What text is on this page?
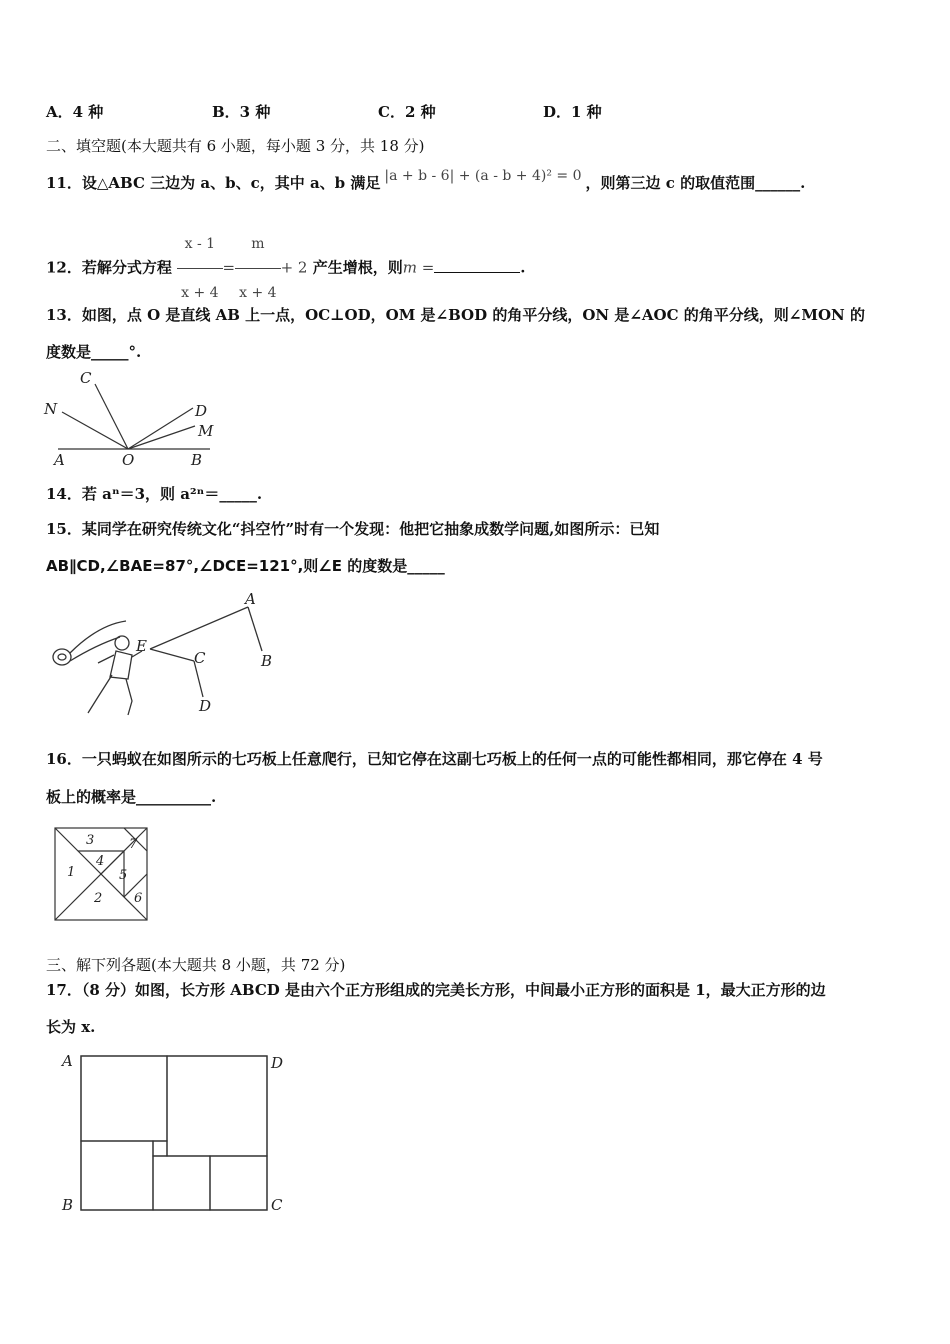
A．4 种	B．3 种	C．2 种	D．1 种
二、填空题(本大题共有 6 小题，每小题 3 分，共 18 分)
11．设△ABC 三边为 a、b、c，其中 a、b 满足 |a + b - 6| + (a - b + 4)² = 0 ，则第三边 c 的取值范围______.
12．若解分式方程 $\frac{x - 1}{x + 4} = \frac{m}{x + 4} + 2$ 产生增根，则m =	.
13．如图，点 O 是直线 AB 上一点，OC⊥OD，OM 是∠BOD 的角平分线，ON 是∠AOC 的角平分线，则∠MON 的
度数是_____°.
C
N	D
M
A	O	B
14．若 aⁿ＝3，则 a²ⁿ＝_____.
15．某同学在研究传统文化“抖空竹”时有一个发现：他把它抽象成数学问题,如图所示：已知
AB∥CD,∠BAE=87°,∠DCE=121°,则∠E 的度数是_____
A
B
E
C
D
16．一只蚂蚁在如图所示的七巧板上任意爬行，已知它停在这副七巧板上的任何一点的可能性都相同，那它停在 4 号
板上的概率是__________.
3	7
4
1	5
2 6
三、解下列各题(本大题共 8 小题，共 72 分)
17．（8 分）如图，长方形 ABCD 是由六个正方形组成的完美长方形，中间最小正方形的面积是 1，最大正方形的边
长为 x.
A	D
B	C
